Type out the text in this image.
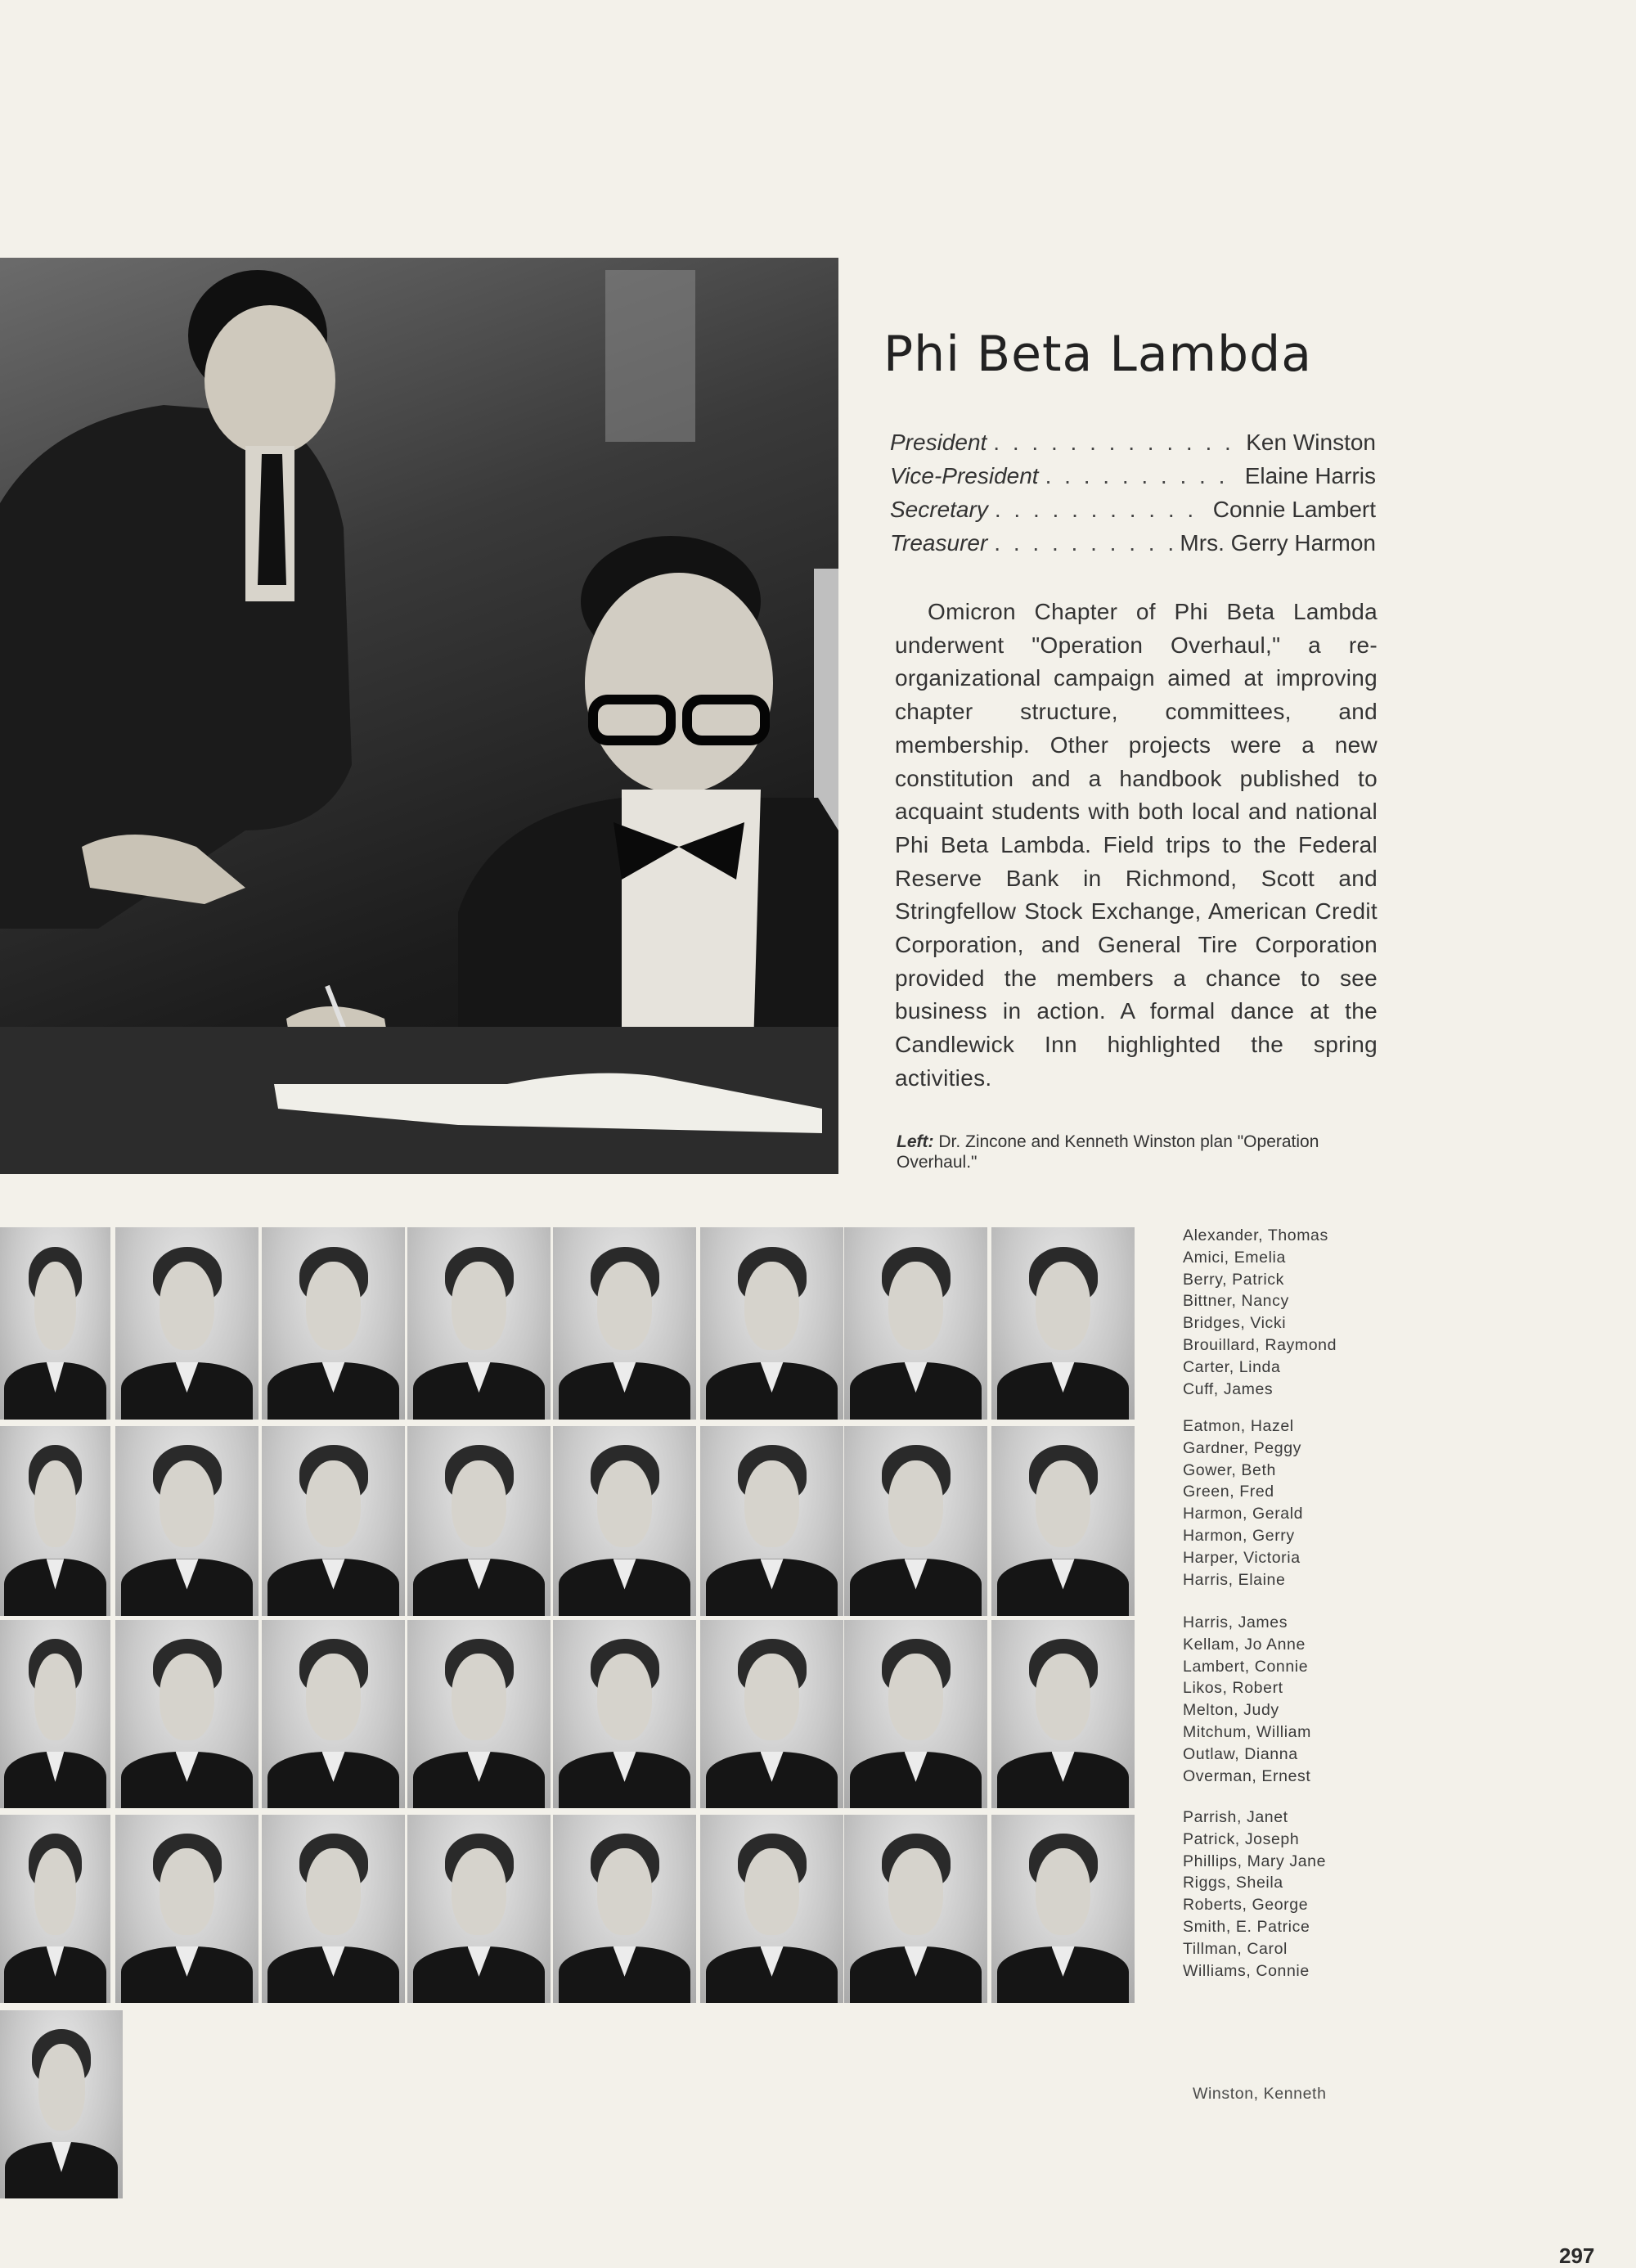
Phi Beta Lambda
President . . .	Ken Winston
Vice-President . . .	Elaine Harris
Secretary . . .	Connie Lambert
Treasurer . . .	Mrs. Gerry Harmon

Omicron Chapter of Phi Beta Lambda underwent "Operation Overhaul," a re-organizational campaign aimed at improving chapter structure, committees, and membership. Other projects were a new constitution and a handbook published to acquaint students with both local and national Phi Beta Lambda. Field trips to the Federal Reserve Bank in Richmond, Scott and Stringfellow Stock Exchange, American Credit Corporation, and General Tire Corporation provided the members a chance to see business in action. A formal dance at the Candlewick Inn highlighted the spring activities.

Left: Dr. Zincone and Kenneth Winston plan "Operation Overhaul."

Alexander, Thomas
Amici, Emelia
Berry, Patrick
Bittner, Nancy
Bridges, Vicki
Brouillard, Raymond
Carter, Linda
Cuff, James
Eatmon, Hazel
Gardner, Peggy
Gower, Beth
Green, Fred
Harmon, Gerald
Harmon, Gerry
Harper, Victoria
Harris, Elaine
Harris, James
Kellam, Jo Anne
Lambert, Connie
Likos, Robert
Melton, Judy
Mitchum, William
Outlaw, Dianna
Overman, Ernest
Parrish, Janet
Patrick, Joseph
Phillips, Mary Jane
Riggs, Sheila
Roberts, George
Smith, E. Patrice
Tillman, Carol
Williams, Connie
Winston, Kenneth
297
